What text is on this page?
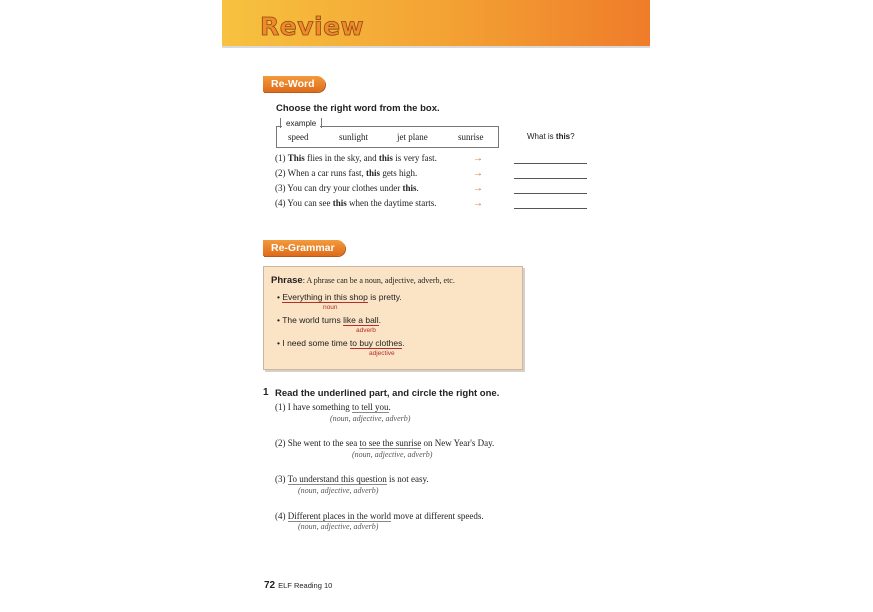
Review
Re-Word
Choose the right word from the box.
example
speed	sunlight	jet plane	sunrise	What is this?
(1) This flies in the sky, and this is very fast.	→
(2) When a car runs fast, this gets high.	→
(3) You can dry your clothes under this.	→
(4) You can see this when the daytime starts.	→
Re-Grammar
Phrase: A phrase can be a noun, adjective, adverb, etc.
• Everything in this shop is pretty.
noun
• The world turns like a ball.
adverb
• I need some time to buy clothes.
adjective
1 Read the underlined part, and circle the right one.
(1) I have something to tell you.
(noun, adjective, adverb)
(2) She went to the sea to see the sunrise on New Year's Day.
(noun, adjective, adverb)
(3) To understand this question is not easy.
(noun, adjective, adverb)
(4) Different places in the world move at different speeds.
(noun, adjective, adverb)
72 ELF Reading 10
